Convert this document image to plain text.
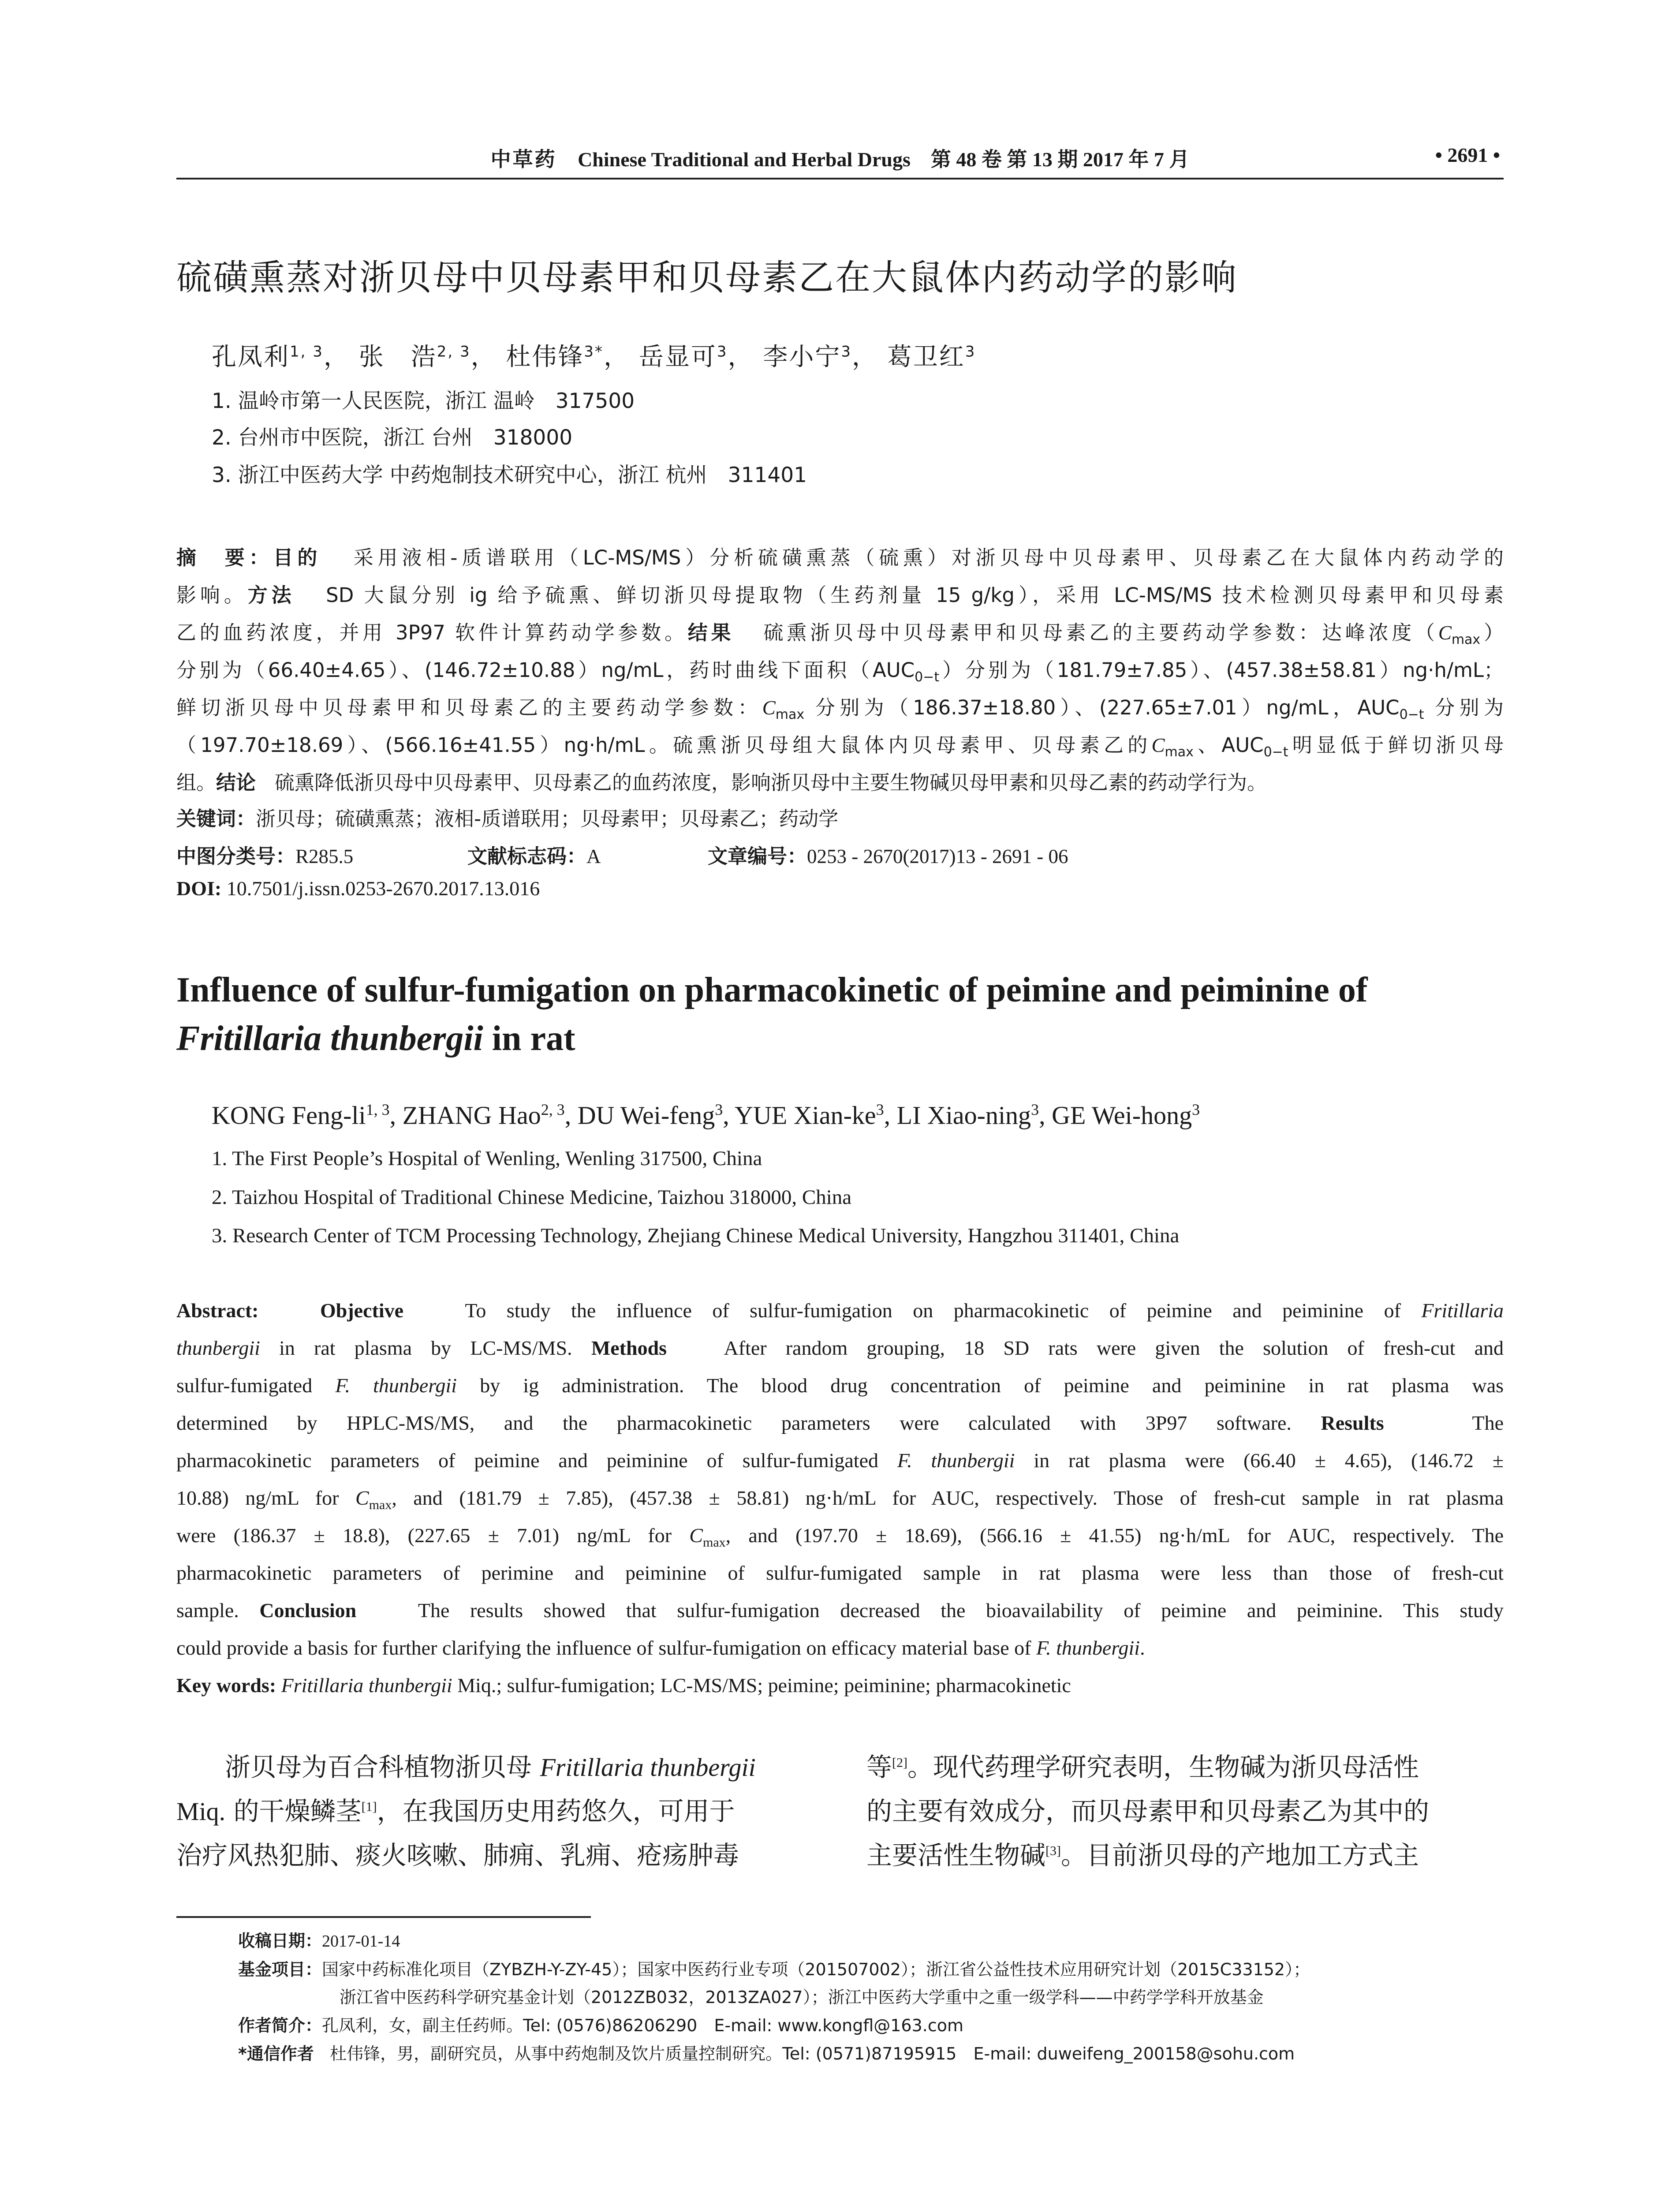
中草药 Chinese Traditional and Herbal Drugs 第 48 卷 第 13 期 2017 年 7 月	• 2691 •
硫磺熏蒸对浙贝母中贝母素甲和贝母素乙在大鼠体内药动学的影响
孔凤利$^{1, 3}$， 张　浩$^{2, 3}$， 杜伟锋$^{3*}$， 岳显可$^3$， 李小宁$^3$， 葛卫红$^3$
1. 温岭市第一人民医院，浙江 温岭　317500
2. 台州市中医院，浙江 台州　318000
3. 浙江中医药大学 中药炮制技术研究中心，浙江 杭州　311401
摘　要：目的 采用液相-质谱联用（LC-MS/MS）分析硫磺熏蒸（硫熏）对浙贝母中贝母素甲、贝母素乙在大鼠体内药动学的
影响。方法 SD 大鼠分别 ig 给予硫熏、鲜切浙贝母提取物（生药剂量 15 g/kg），采用 LC-MS/MS 技术检测贝母素甲和贝母素
乙的血药浓度，并用 3P97 软件计算药动学参数。结果 硫熏浙贝母中贝母素甲和贝母素乙的主要药动学参数：达峰浓度$(C_{max})$
分别为（66.40±4.65）、(146.72±10.88）ng/mL，药时曲线下面积$(AUC_{0-t})$分别为（181.79±7.85）、(457.38±58.81）ng·h/mL；
鲜切浙贝母中贝母素甲和贝母素乙的主要药动学参数：$C_{max}$ 分别为（186.37±18.80）、(227.65±7.01）ng/mL，$AUC_{0-t}$ 分别为
（197.70±18.69）、(566.16±41.55）ng·h/mL。硫熏浙贝母组大鼠体内贝母素甲、贝母素乙的$C_{max}$、$AUC_{0-t}$明显低于鲜切浙贝母
组。结论 硫熏降低浙贝母中贝母素甲、贝母素乙的血药浓度，影响浙贝母中主要生物碱贝母甲素和贝母乙素的药动学行为。
关键词：浙贝母；硫磺熏蒸；液相-质谱联用；贝母素甲；贝母素乙；药动学
中图分类号：R285.5	文献标志码：A	文章编号：0253 - 2670(2017)13 - 2691 - 06
DOI: 10.7501/j.issn.0253-2670.2017.13.016
Influence of sulfur-fumigation on pharmacokinetic of peimine and peiminine of
Fritillaria thunbergii in rat
KONG Feng-li$^{1, 3}$, ZHANG Hao$^{2, 3}$, DU Wei-feng$^3$, YUE Xian-$ke^3$, LI Xiao-ning$^3$, GE Wei-hong$^3$
1. The First People’s Hospital of Wenling, Wenling 317500, China
2. Taizhou Hospital of Traditional Chinese Medicine, Taizhou 318000, China
3. Research Center of TCM Processing Technology, Zhejiang Chinese Medical University, Hangzhou 311401, China
Abstract:	Objective	To study the influence of sulfur-fumigation on pharmacokinetic of peimine and peiminine of Fritillaria
thunbergii in rat plasma by LC-MS/MS. Methods	After random grouping, 18 SD rats were given the solution of fresh-cut and
sulfur-fumigated F. thunbergii by ig administration. The blood drug concentration of peimine and peiminine in rat plasma was
determined by HPLC-MS/MS, and the pharmacokinetic parameters were calculated with 3P97 software. Results	The
pharmacokinetic parameters of peimine and peiminine of sulfur-fumigated F. thunbergii in rat plasma were (66.40 ± 4.65), (146.72 ±
10.88) ng/mL for $C_{max}$, and (181.79 ± 7.85), (457.38 ± 58.81) ng·h/mL for AUC, respectively. Those of fresh-cut sample in rat plasma
were (186.37 ± 18.8), (227.65 ± 7.01) ng/mL for $C_{max}$, and (197.70 ± 18.69), (566.16 ± 41.55) ng·h/mL for AUC, respectively. The
pharmacokinetic parameters of perimine and peiminine of sulfur-fumigated sample in rat plasma were less than those of fresh-cut
sample. Conclusion	The results showed that sulfur-fumigation decreased the bioavailability of peimine and peiminine. This study
could provide a basis for further clarifying the influence of sulfur-fumigation on efficacy material base of F. thunbergii.
Key words: Fritillaria thunbergii Miq.; sulfur-fumigation; LC-MS/MS; peimine; peiminine; pharmacokinetic
浙贝母为百合科植物浙贝母 Fritillaria thunbergii
Miq. 的干燥鳞茎[1]，在我国历史用药悠久，可用于
治疗风热犯肺、痰火咳嗽、肺痈、乳痈、疮疡肿毒
等[2]。现代药理学研究表明，生物碱为浙贝母活性
的主要有效成分，而贝母素甲和贝母素乙为其中的
主要活性生物碱[3]。目前浙贝母的产地加工方式主
收稿日期：2017-01-14
基金项目：国家中药标准化项目（ZYBZH-Y-ZY-45）；国家中医药行业专项（201507002）；浙江省公益性技术应用研究计划（2015C33152）；
浙江省中医药科学研究基金计划（2012ZB032，2013ZA027）；浙江中医药大学重中之重一级学科——中药学学科开放基金
作者简介：孔凤利，女，副主任药师。Tel: (0576)86206290　E-mail: www.kongfl@163.com
*通信作者 杜伟锋，男，副研究员，从事中药炮制及饮片质量控制研究。Tel: (0571)87195915　E-mail: duweifeng_200158@sohu.com
